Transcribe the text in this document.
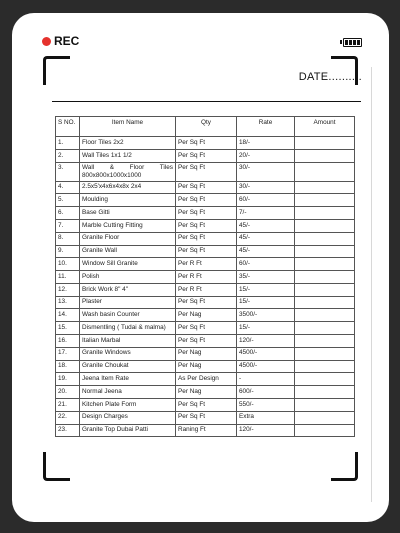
REC
DATE..........
S NO.	Item Name	Qty	Rate	Amount
1.	Floor Tiles 2x2	Per Sq Ft	18/-	
2.	Wall Tiles 1x1 1/2	Per Sq Ft	20/-	
3.	Wall & Floor Tiles 800x800x1000x1000	Per Sq Ft	30/-	
4.	2.5x5'x4x6x4x8x 2x4	Per Sq Ft	30/-	
5.	Moulding	Per Sq Ft	60/-	
6.	Base Gitti	Per Sq Ft	7/-	
7.	Marble Cutting Fitting	Per Sq Ft	45/-	
8.	Granite Floor	Per Sq Ft	45/-	
9.	Granite Wall	Per Sq Ft	45/-	
10.	Window Sill Granite	Per R Ft	60/-	
11.	Polish	Per R Ft	35/-	
12.	Brick Work 8" 4"	Per R Ft	15/-	
13.	Plaster	Per Sq Ft	15/-	
14.	Wash basin Counter	Per Nag	3500/-	
15.	Dismentling ( Tudai & malma)	Per Sq Ft	15/-	
16.	Italian Marbal	Per Sq Ft	120/-	
17.	Granite Windows	Per Nag	4500/-	
18.	Granite Choukat	Per Nag	4500/-	
19.	Jeena Item Rate	As Per Design	-	
20.	Normal Jeena	Per Nag	600/-	
21.	Kitchen Plate Form	Per Sq Ft	550/-	
22.	Design Charges	Per Sq Ft	Extra	
23.	Granite Top Dubai Patti	Raning Ft	120/-	
